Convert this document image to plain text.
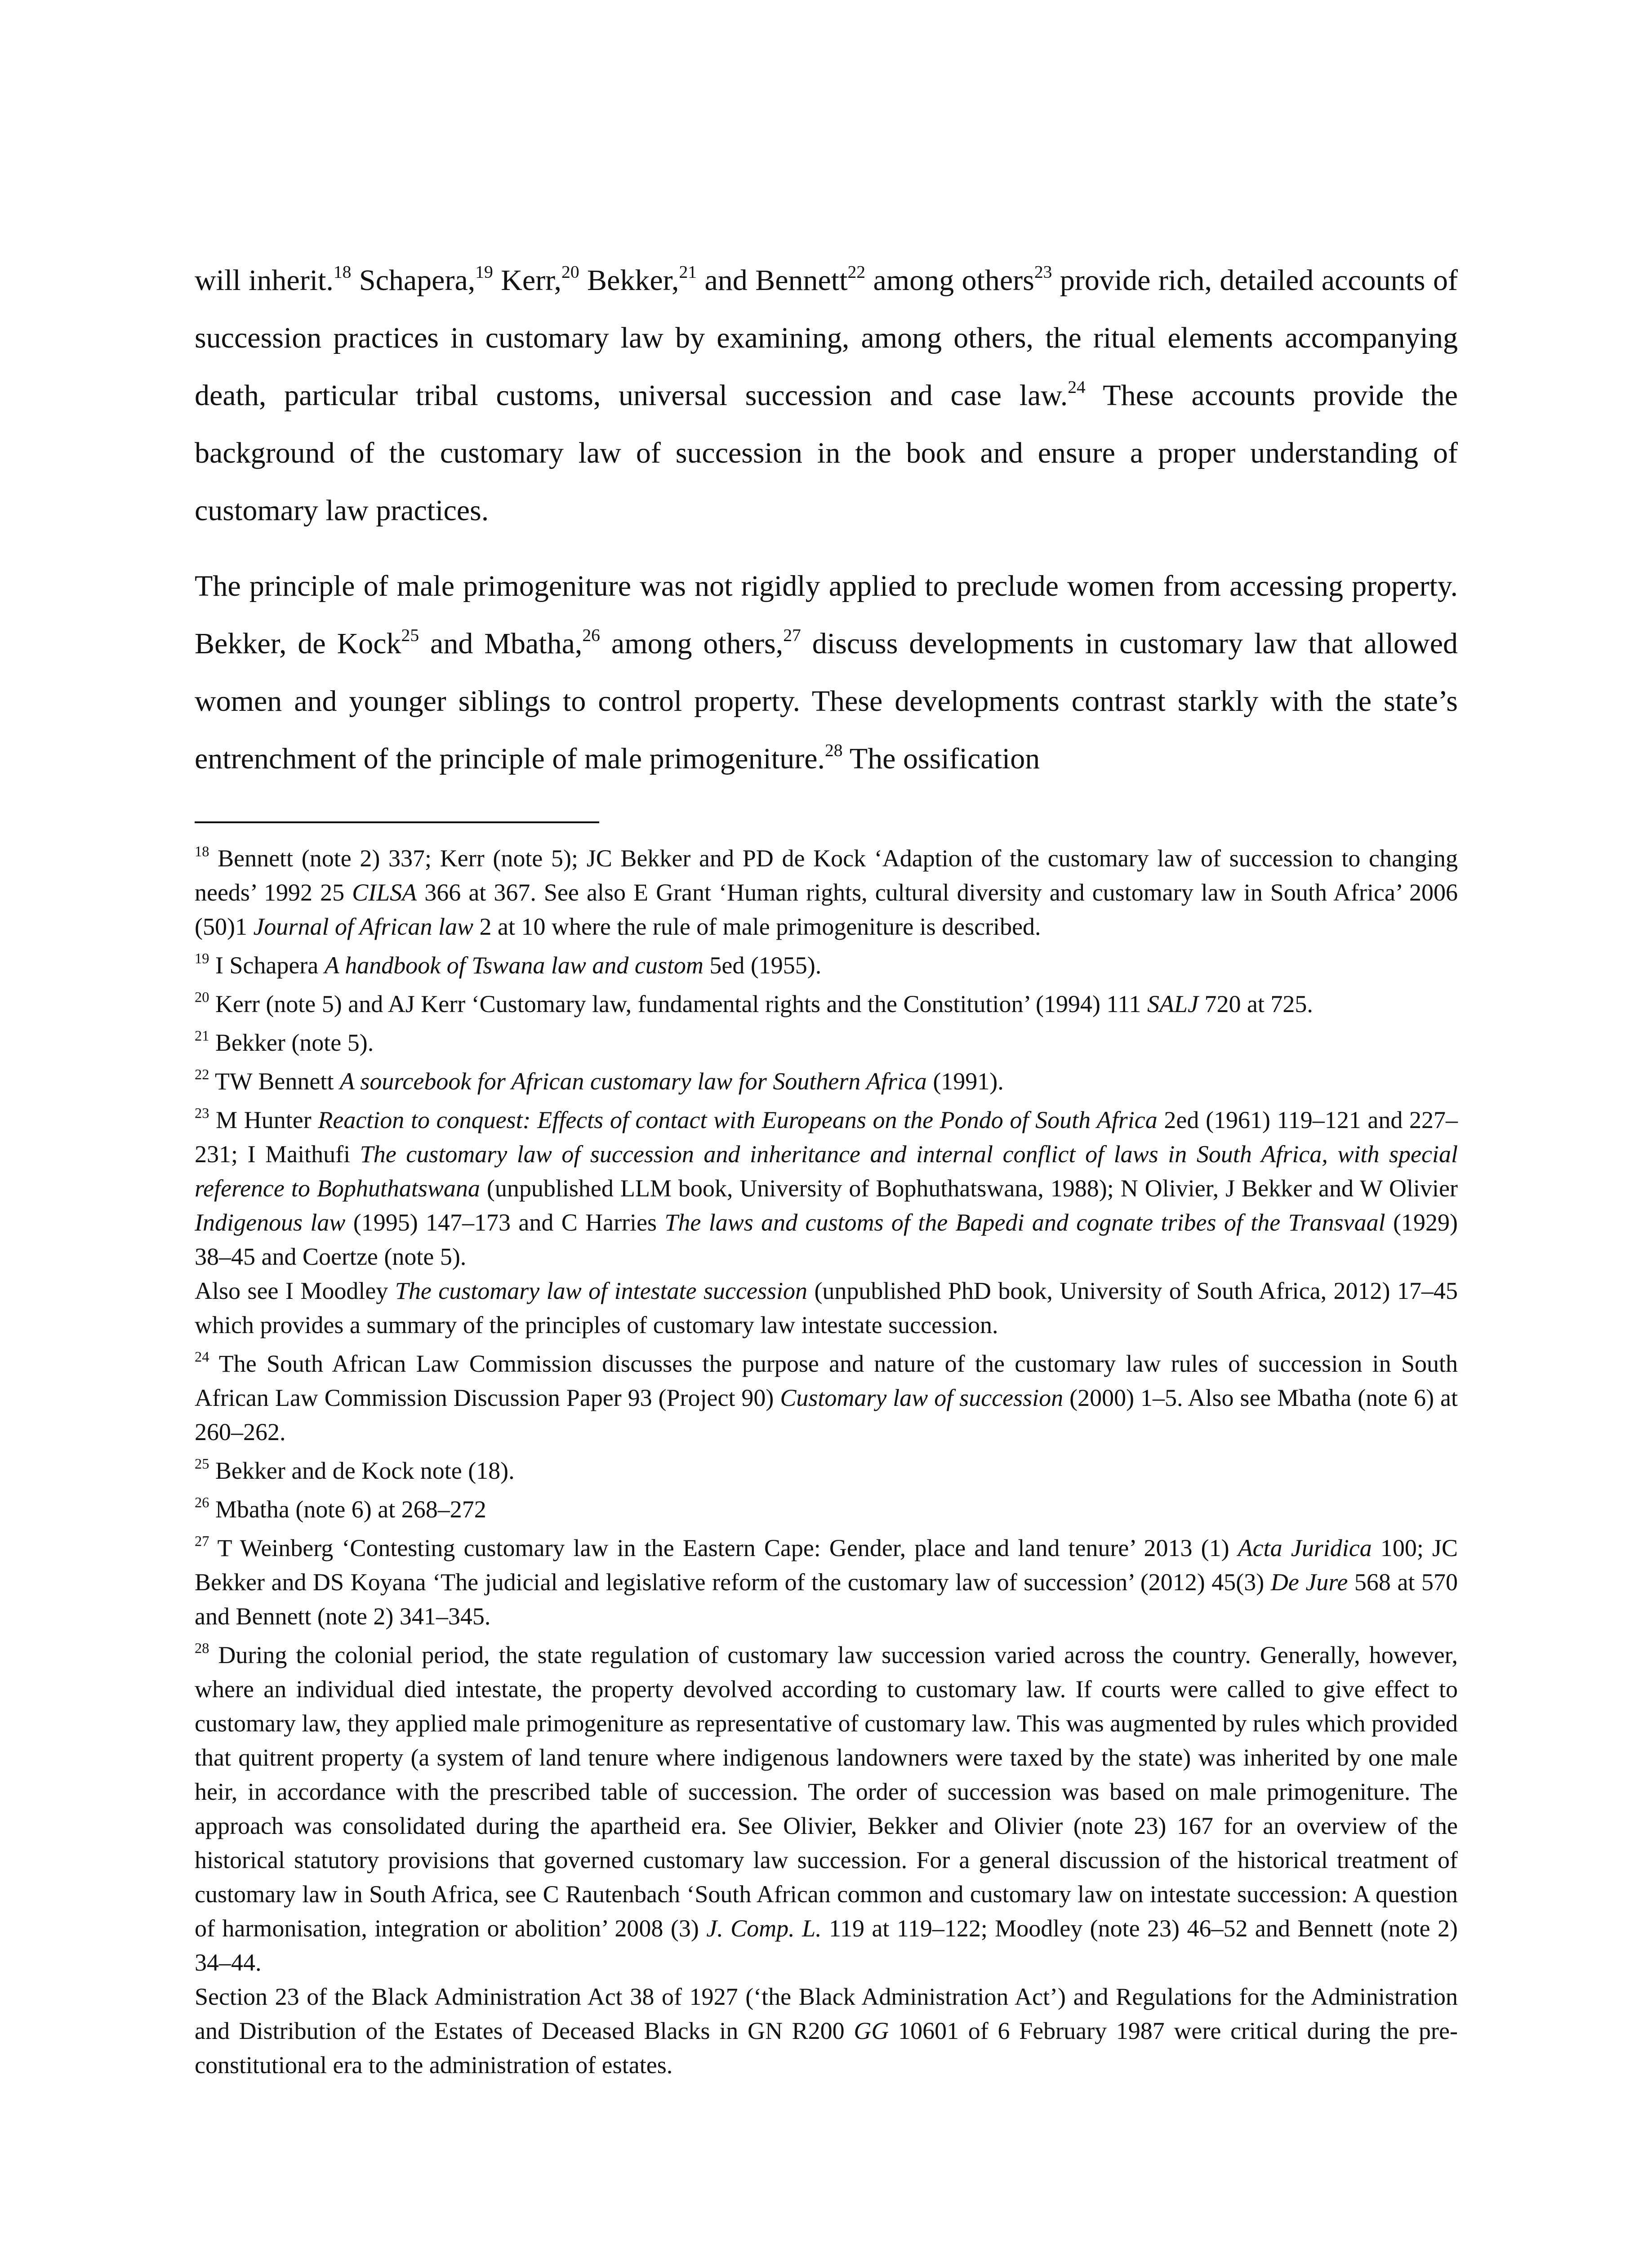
will inherit.$^{18}$ Schapera,$^{19}$ Kerr,$^{20}$ Bekker,$^{21}$ and Bennett$^{22}$ among others$^{23}$ provide rich, detailed accounts of succession practices in customary law by examining, among others, the ritual elements accompanying death, particular tribal customs, universal succession and case law.$^{24}$ These accounts provide the background of the customary law of succession in the book and ensure a proper understanding of customary law practices.

The principle of male primogeniture was not rigidly applied to preclude women from accessing property. Bekker, de Kock$^{25}$ and Mbatha,$^{26}$ among others,$^{27}$ discuss developments in customary law that allowed women and younger siblings to control property. These developments contrast starkly with the state’s entrenchment of the principle of male primogeniture.$^{28}$ The ossification

$^{18}$ Bennett (note 2) 337; Kerr (note 5); JC Bekker and PD de Kock ‘Adaption of the customary law of succession to changing needs’ 1992 25 CILSA 366 at 367. See also E Grant ‘Human rights, cultural diversity and customary law in South Africa’ 2006 (50)1 Journal of African law 2 at 10 where the rule of male primogeniture is described.

$^{19}$ I Schapera A handbook of Tswana law and custom 5ed (1955).

$^{20}$ Kerr (note 5) and AJ Kerr ‘Customary law, fundamental rights and the Constitution’ (1994) 111 SALJ 720 at 725.

$^{21}$ Bekker (note 5).

$^{22}$ TW Bennett A sourcebook for African customary law for Southern Africa (1991).

$^{23}$ M Hunter Reaction to conquest: Effects of contact with Europeans on the Pondo of South Africa 2ed (1961) 119–121 and 227–231; I Maithufi The customary law of succession and inheritance and internal conflict of laws in South Africa, with special reference to Bophuthatswana (unpublished LLM book, University of Bophuthatswana, 1988); N Olivier, J Bekker and W Olivier Indigenous law (1995) 147–173 and C Harries The laws and customs of the Bapedi and cognate tribes of the Transvaal (1929) 38–45 and Coertze (note 5).

Also see I Moodley The customary law of intestate succession (unpublished PhD book, University of South Africa, 2012) 17–45 which provides a summary of the principles of customary law intestate succession.

$^{24}$ The South African Law Commission discusses the purpose and nature of the customary law rules of succession in South African Law Commission Discussion Paper 93 (Project 90) Customary law of succession (2000) 1–5. Also see Mbatha (note 6) at 260–262.

$^{25}$ Bekker and de Kock note (18).

$^{26}$ Mbatha (note 6) at 268–272

$^{27}$ T Weinberg ‘Contesting customary law in the Eastern Cape: Gender, place and land tenure’ 2013 (1) Acta Juridica 100; JC Bekker and DS Koyana ‘The judicial and legislative reform of the customary law of succession’ (2012) 45(3) De Jure 568 at 570 and Bennett (note 2) 341–345.

$^{28}$ During the colonial period, the state regulation of customary law succession varied across the country. Generally, however, where an individual died intestate, the property devolved according to customary law. If courts were called to give effect to customary law, they applied male primogeniture as representative of customary law. This was augmented by rules which provided that quitrent property (a system of land tenure where indigenous landowners were taxed by the state) was inherited by one male heir, in accordance with the prescribed table of succession. The order of succession was based on male primogeniture. The approach was consolidated during the apartheid era. See Olivier, Bekker and Olivier (note 23) 167 for an overview of the historical statutory provisions that governed customary law succession. For a general discussion of the historical treatment of customary law in South Africa, see C Rautenbach ‘South African common and customary law on intestate succession: A question of harmonisation, integration or abolition’ 2008 (3) J. Comp. L. 119 at 119–122; Moodley (note 23) 46–52 and Bennett (note 2) 34–44.

Section 23 of the Black Administration Act 38 of 1927 (‘the Black Administration Act’) and Regulations for the Administration and Distribution of the Estates of Deceased Blacks in GN R200 GG 10601 of 6 February 1987 were critical during the pre-constitutional era to the administration of estates.
